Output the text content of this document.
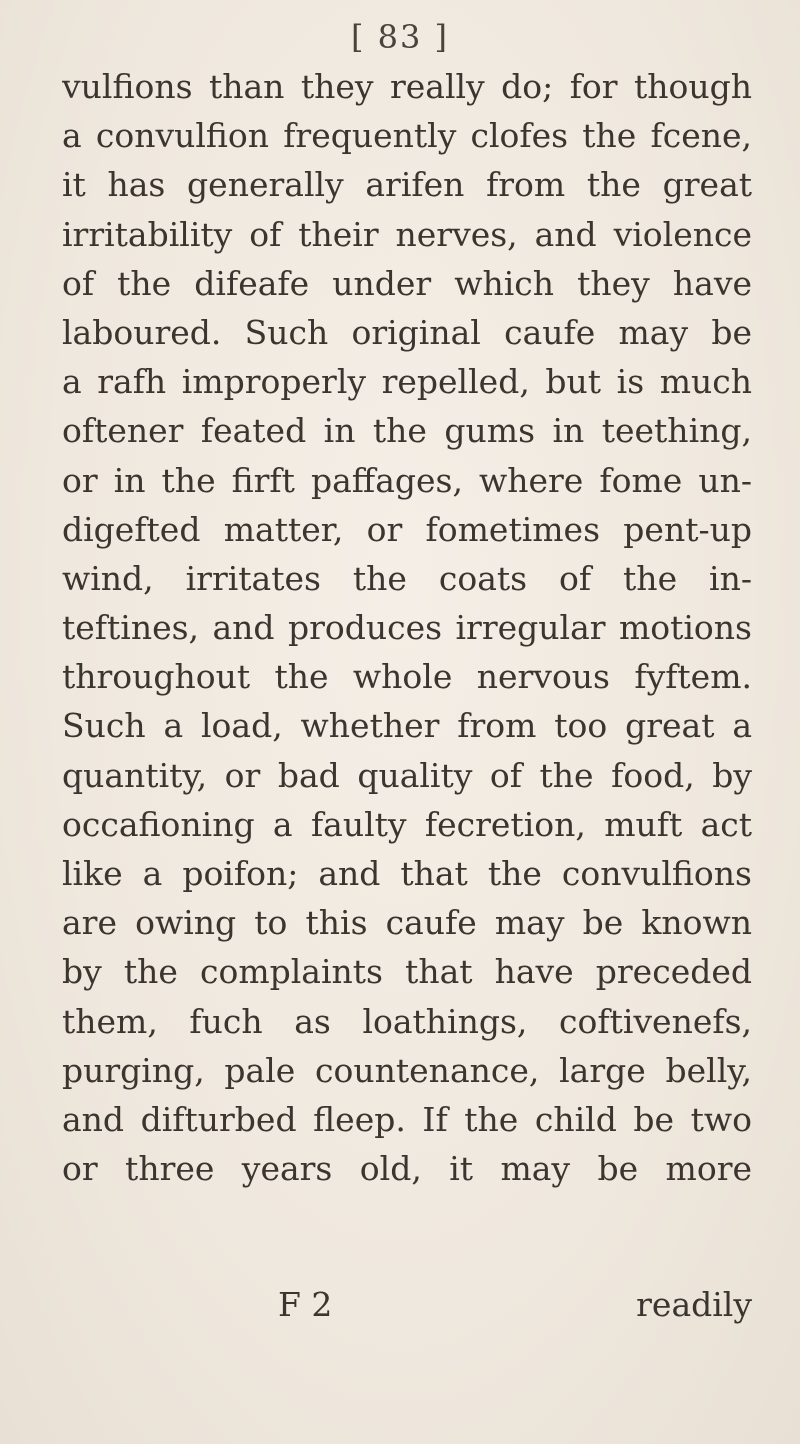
[ 83 ]
vulfions than they really do; for though
a convulfion frequently clofes the fcene,
it has generally arifen from the great
irritability of their nerves, and violence
of the difeafe under which they have
laboured. Such original caufe may be
a rafh improperly repelled, but is much
oftener feated in the gums in teething,
or in the firft paffages, where fome un-
digefted matter, or fometimes pent-up
wind, irritates the coats of the in-
teftines, and produces irregular motions
throughout the whole nervous fyftem.
Such a load, whether from too great a
quantity, or bad quality of the food, by
occafioning a faulty fecretion, muft act
like a poifon; and that the convulfions
are owing to this caufe may be known
by the complaints that have preceded
them, fuch as loathings, coftivenefs,
purging, pale countenance, large belly,
and difturbed fleep. If the child be two
or three years old, it may be more
F 2	readily
